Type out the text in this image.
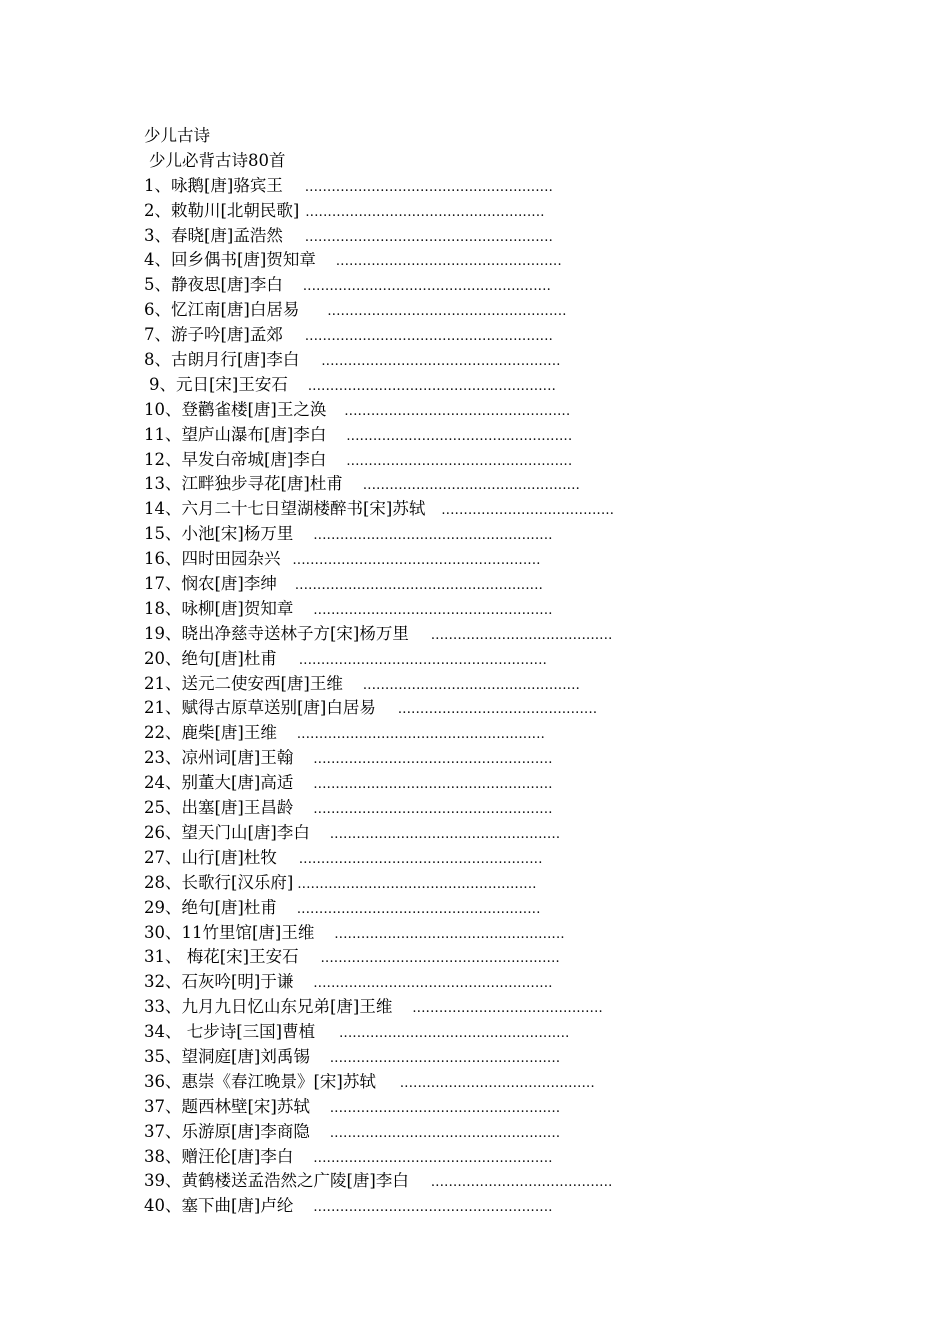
少儿古诗
少儿必背古诗80首
1、咏鹅[唐]骆宾王 ........................................................
2、敕勒川[北朝民歌] ......................................................
3、春晓[唐]孟浩然 ........................................................
4、回乡偶书[唐]贺知章 ...................................................
5、静夜思[唐]李白 ........................................................
6、忆江南[唐]白居易 ......................................................
7、游子吟[唐]孟郊 ........................................................
8、古朗月行[唐]李白 ......................................................
9、元日[宋]王安石 ........................................................
10、登鹳雀楼[唐]王之涣 ...................................................
11、望庐山瀑布[唐]李白 ...................................................
12、早发白帝城[唐]李白 ...................................................
13、江畔独步寻花[唐]杜甫 .................................................
14、六月二十七日望湖楼醉书[宋]苏轼 .......................................
15、小池[宋]杨万里 ......................................................
16、四时田园杂兴 ........................................................
17、悯农[唐]李绅 ........................................................
18、咏柳[唐]贺知章 ......................................................
19、晓出净慈寺送林子方[宋]杨万里 .........................................
20、绝句[唐]杜甫 ........................................................
21、送元二使安西[唐]王维 .................................................
21、赋得古原草送别[唐]白居易 .............................................
22、鹿柴[唐]王维 ........................................................
23、凉州词[唐]王翰 ......................................................
24、别董大[唐]高适 ......................................................
25、出塞[唐]王昌龄 ......................................................
26、望天门山[唐]李白 ....................................................
27、山行[唐]杜牧 .......................................................
28、长歌行[汉乐府] ......................................................
29、绝句[唐]杜甫 .......................................................
30、11竹里馆[唐]王维 ....................................................
31、 梅花[宋]王安石 ......................................................
32、石灰吟[明]于谦 ......................................................
33、九月九日忆山东兄弟[唐]王维 ...........................................
34、 七步诗[三国]曹植 ....................................................
35、望洞庭[唐]刘禹锡 ....................................................
36、惠崇《春江晚景》[宋]苏轼 ............................................
37、题西林壁[宋]苏轼 ....................................................
37、乐游原[唐]李商隐 ....................................................
38、赠汪伦[唐]李白 ......................................................
39、黄鹤楼送孟浩然之广陵[唐]李白 .........................................
40、塞下曲[唐]卢纶 ......................................................
